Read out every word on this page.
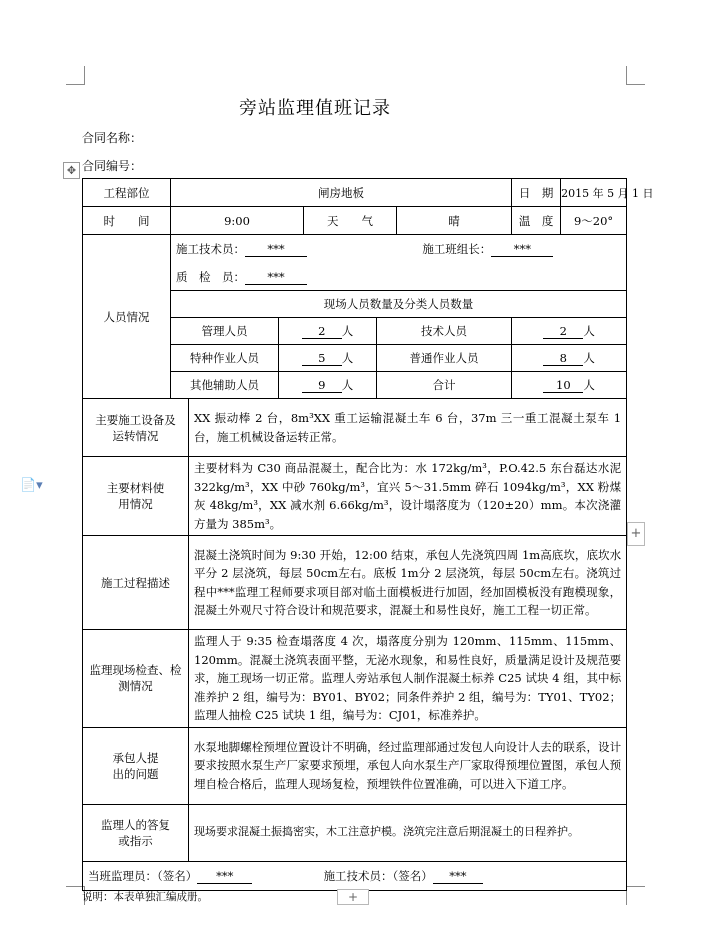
📄▾
旁站监理值班记录
合同名称：
合同编号：
✥
工程部位	闸房地板						日　期	2015 年 5 月 1 日
时　　间	9:00			天　　气		晴	温　度	9～20°
人员情况	施工技术员： *** 施工班组长： ***							
	质　检　员： ***							
	现场人员数量及分类人员数量							
	管理人员		2 人		技术人员		2 人	
	特种作业人员		5 人		普通作业人员		8 人	
	其他辅助人员		9 人		合计		10 人	
主要施工设备及运转情况		XX 振动棒 2 台，8m³XX 重工运输混凝土车 6 台，37m 三一重工混凝土泵车 1 台，施工机械设备运转正常。						
主要材料使用情况		主要材料为 C30 商品混凝土，配合比为：水 172kg/m³，P.O.42.5 东台磊达水泥 322kg/m³，XX 中砂 760kg/m³，宜兴 5～31.5mm 碎石 1094kg/m³，XX 粉煤灰 48kg/m³，XX 减水剂 6.66kg/m³，设计塌落度为（120±20）mm。本次浇灌方量为 385m³。						
施工过程描述		混凝土浇筑时间为 9:30 开始，12:00 结束，承包人先浇筑四周 1m高底坎，底坎水平分 2 层浇筑，每层 50cm左右。底板 1m分 2 层浇筑，每层 50cm左右。浇筑过程中***监理工程师要求项目部对临土面模板进行加固，经加固模板没有跑模现象，混凝土外观尺寸符合设计和规范要求，混凝土和易性良好，施工工程一切正常。						
监理现场检查、检测情况		监理人于 9:35 检查塌落度 4 次，塌落度分别为 120mm、115mm、115mm、120mm。混凝土浇筑表面平整，无泌水现象，和易性良好，质量满足设计及规范要求，施工现场一切正常。监理人旁站承包人制作混凝土标养 C25 试块 4 组，其中标准养护 2 组，编号为：BY01、BY02；同条件养护 2 组，编号为：TY01、TY02；监理人抽检 C25 试块 1 组，编号为：CJ01，标准养护。						
承包人提出的问题		水泵地脚螺栓预埋位置设计不明确，经过监理部通过发包人向设计人去的联系，设计要求按照水泵生产厂家要求预埋，承包人向水泵生产厂家取得预埋位置图，承包人预埋自检合格后，监理人现场复检，预埋铁件位置准确，可以进入下道工序。						
监理人的答复或指示		现场要求混凝土振捣密实，木工注意护模。浇筑完注意后期混凝土的日程养护。						
当班监理员：（签名） *** 施工技术员：（签名） ***								
说明：本表单独汇编成册。
+
+
